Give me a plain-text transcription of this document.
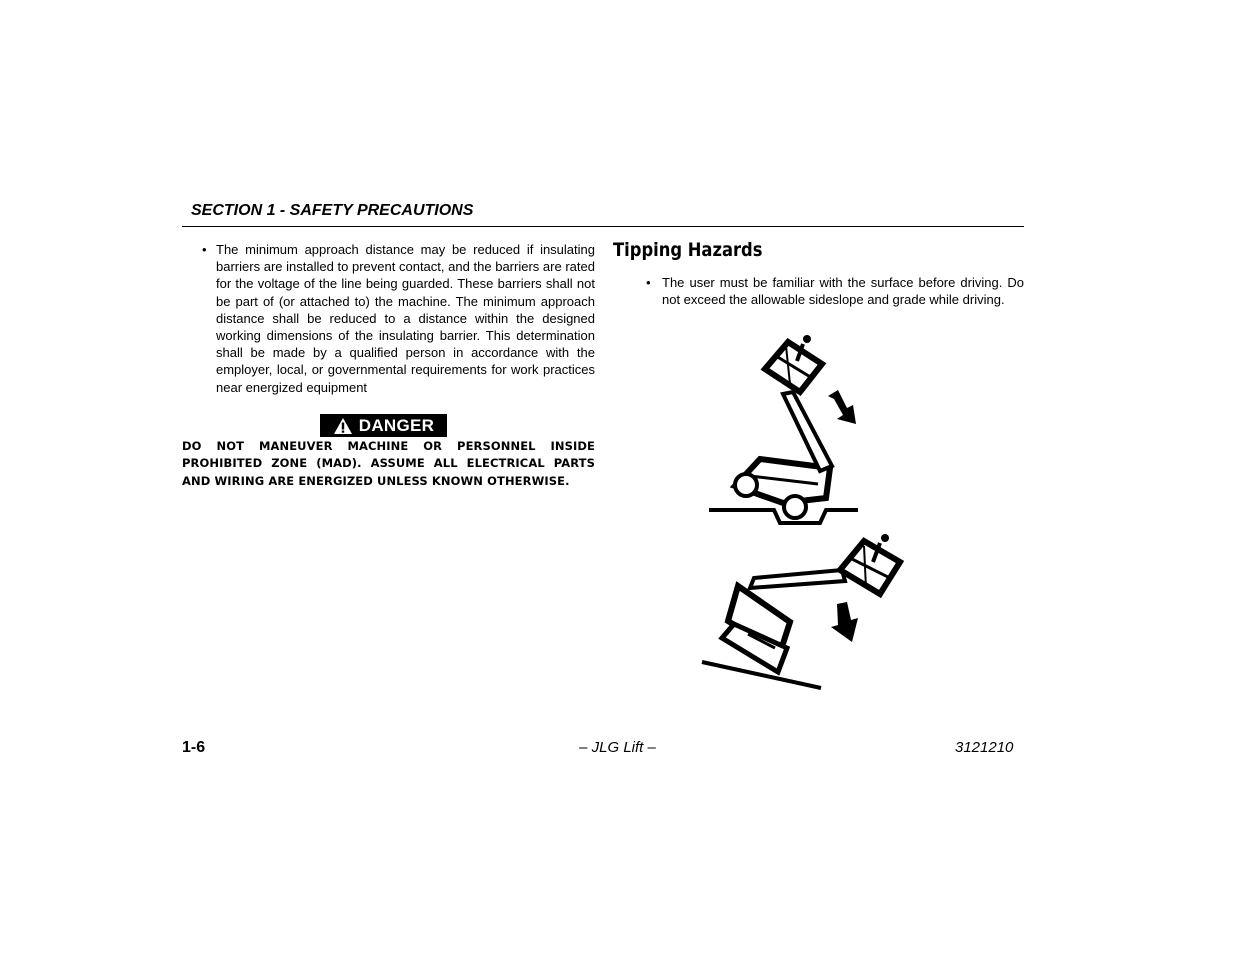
SECTION 1 - SAFETY PRECAUTIONS
• The minimum approach distance may be reduced if insulating barriers are installed to prevent contact, and the barriers are rated for the voltage of the line being guarded. These barriers shall not be part of (or attached to) the machine. The minimum approach distance shall be reduced to a distance within the designed working dimensions of the insulating barrier. This determination shall be made by a qualified person in accordance with the employer, local, or governmental requirements for work practices near energized equipment
DANGER
DO NOT MANEUVER MACHINE OR PERSONNEL INSIDE PROHIBITED ZONE (MAD). ASSUME ALL ELECTRICAL PARTS AND WIRING ARE ENERGIZED UNLESS KNOWN OTHERWISE.
Tipping Hazards
• The user must be familiar with the surface before driving. Do not exceed the allowable sideslope and grade while driving.
1-6	– JLG Lift –	3121210
